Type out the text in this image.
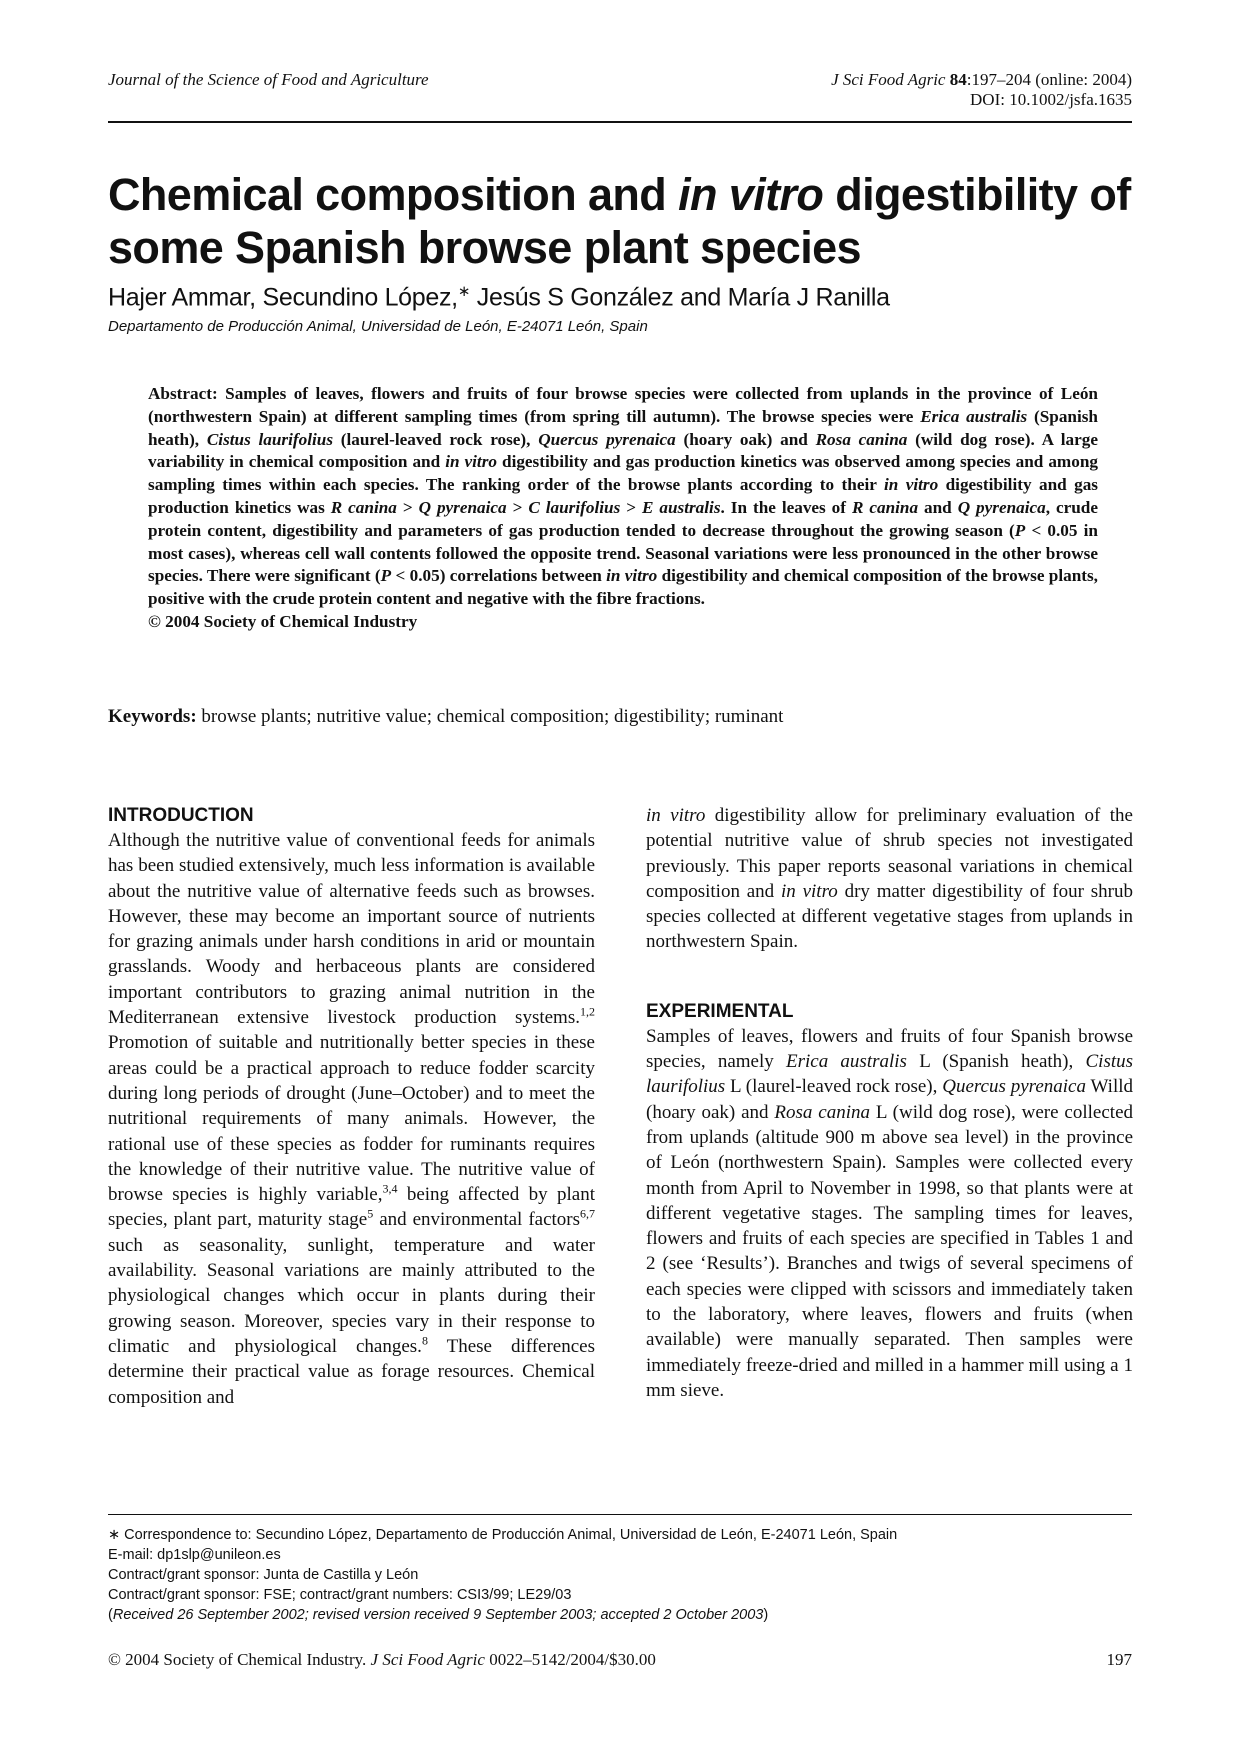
Journal of the Science of Food and Agriculture	J Sci Food Agric 84:197–204 (online: 2004)
DOI: 10.1002/jsfa.1635
Chemical composition and in vitro digestibility of some Spanish browse plant species
Hajer Ammar, Secundino López,∗ Jesús S González and María J Ranilla
Departamento de Producción Animal, Universidad de León, E-24071 León, Spain

Abstract: Samples of leaves, flowers and fruits of four browse species were collected from uplands in the province of León (northwestern Spain) at different sampling times (from spring till autumn). The browse species were Erica australis (Spanish heath), Cistus laurifolius (laurel-leaved rock rose), Quercus pyrenaica (hoary oak) and Rosa canina (wild dog rose). A large variability in chemical composition and in vitro digestibility and gas production kinetics was observed among species and among sampling times within each species. The ranking order of the browse plants according to their in vitro digestibility and gas production kinetics was R canina > Q pyrenaica > C laurifolius > E australis. In the leaves of R canina and Q pyrenaica, crude protein content, digestibility and parameters of gas production tended to decrease throughout the growing season (P < 0.05 in most cases), whereas cell wall contents followed the opposite trend. Seasonal variations were less pronounced in the other browse species. There were significant (P < 0.05) correlations between in vitro digestibility and chemical composition of the browse plants, positive with the crude protein content and negative with the fibre fractions.

© 2004 Society of Chemical Industry

Keywords: browse plants; nutritive value; chemical composition; digestibility; ruminant
INTRODUCTION

Although the nutritive value of conventional feeds for animals has been studied extensively, much less information is available about the nutritive value of alternative feeds such as browses. However, these may become an important source of nutrients for grazing animals under harsh conditions in arid or mountain grasslands. Woody and herbaceous plants are considered important contributors to grazing animal nutrition in the Mediterranean extensive livestock production systems.$^{1,2}$ Promotion of suitable and nutritionally better species in these areas could be a practical approach to reduce fodder scarcity during long periods of drought (June–October) and to meet the nutritional requirements of many animals. However, the rational use of these species as fodder for ruminants requires the knowledge of their nutritive value. The nutritive value of browse species is highly variable,$^{3,4}$ being affected by plant species, plant part, maturity stage$^5$ and environmental factors$^{6,7}$ such as seasonality, sunlight, temperature and water availability. Seasonal variations are mainly attributed to the physiological changes which occur in plants during their growing season. Moreover, species vary in their response to climatic and physiological changes.$^8$ These differences determine their practical value as forage resources. Chemical composition and

in vitro digestibility allow for preliminary evaluation of the potential nutritive value of shrub species not investigated previously. This paper reports seasonal variations in chemical composition and in vitro dry matter digestibility of four shrub species collected at different vegetative stages from uplands in northwestern Spain.

EXPERIMENTAL

Samples of leaves, flowers and fruits of four Spanish browse species, namely Erica australis L (Spanish heath), Cistus laurifolius L (laurel-leaved rock rose), Quercus pyrenaica Willd (hoary oak) and Rosa canina L (wild dog rose), were collected from uplands (altitude 900 m above sea level) in the province of León (northwestern Spain). Samples were collected every month from April to November in 1998, so that plants were at different vegetative stages. The sampling times for leaves, flowers and fruits of each species are specified in Tables 1 and 2 (see ‘Results’). Branches and twigs of several specimens of each species were clipped with scissors and immediately taken to the laboratory, where leaves, flowers and fruits (when available) were manually separated. Then samples were immediately freeze-dried and milled in a hammer mill using a 1 mm sieve.

∗ Correspondence to: Secundino López, Departamento de Producción Animal, Universidad de León, E-24071 León, Spain
E-mail: dp1slp@unileon.es
Contract/grant sponsor: Junta de Castilla y León
Contract/grant sponsor: FSE; contract/grant numbers: CSI3/99; LE29/03
(Received 26 September 2002; revised version received 9 September 2003; accepted 2 October 2003)
© 2004 Society of Chemical Industry. J Sci Food Agric 0022–5142/2004/$30.00	197
